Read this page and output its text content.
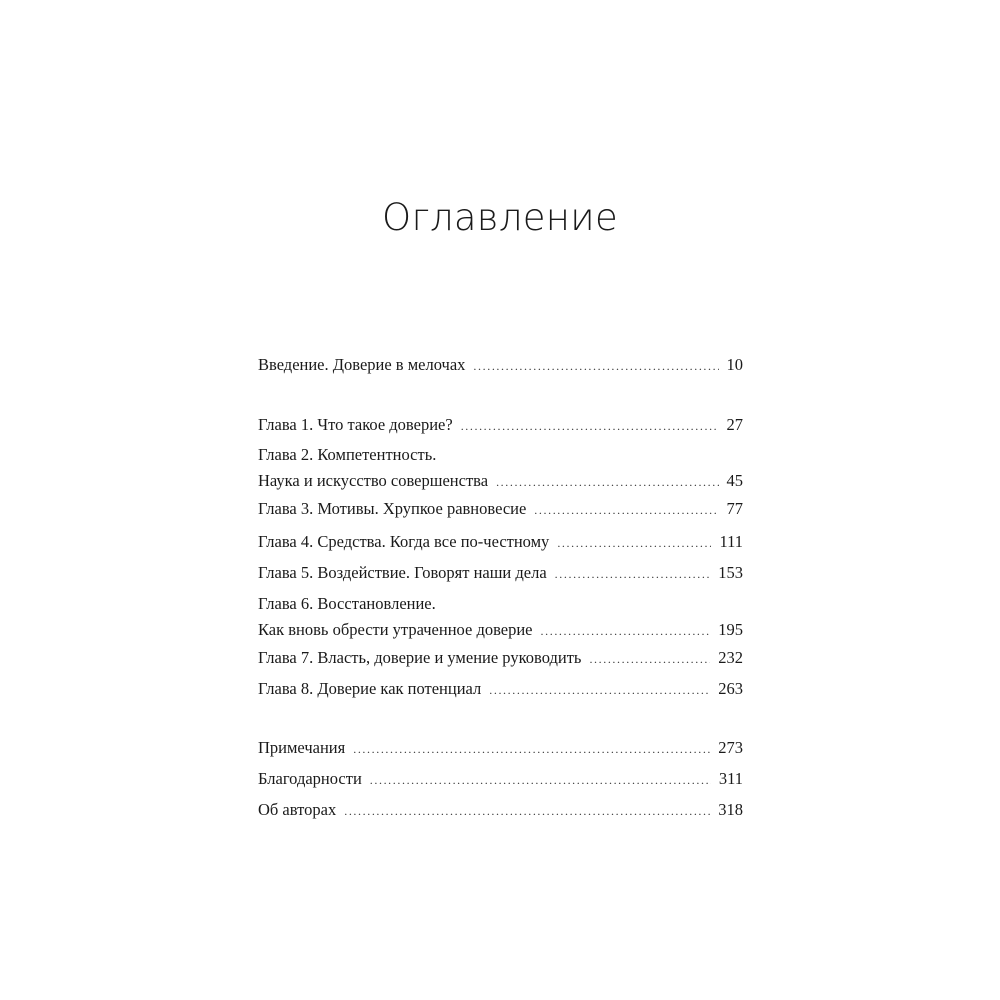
Оглавление
Введение. Доверие в мелочах .....	10
Глава 1. Что такое доверие? .....	27
Глава 2. Компетентность.
Наука и искусство совершенства .....	45
Глава 3. Мотивы. Хрупкое равновесие .....	77
Глава 4. Средства. Когда все по-честному .....	111
Глава 5. Воздействие. Говорят наши дела .....	153
Глава 6. Восстановление.
Как вновь обрести утраченное доверие .....	195
Глава 7. Власть, доверие и умение руководить .....	232
Глава 8. Доверие как потенциал .....	263
Примечания .....	273
Благодарности .....	311
Об авторах .....	318
